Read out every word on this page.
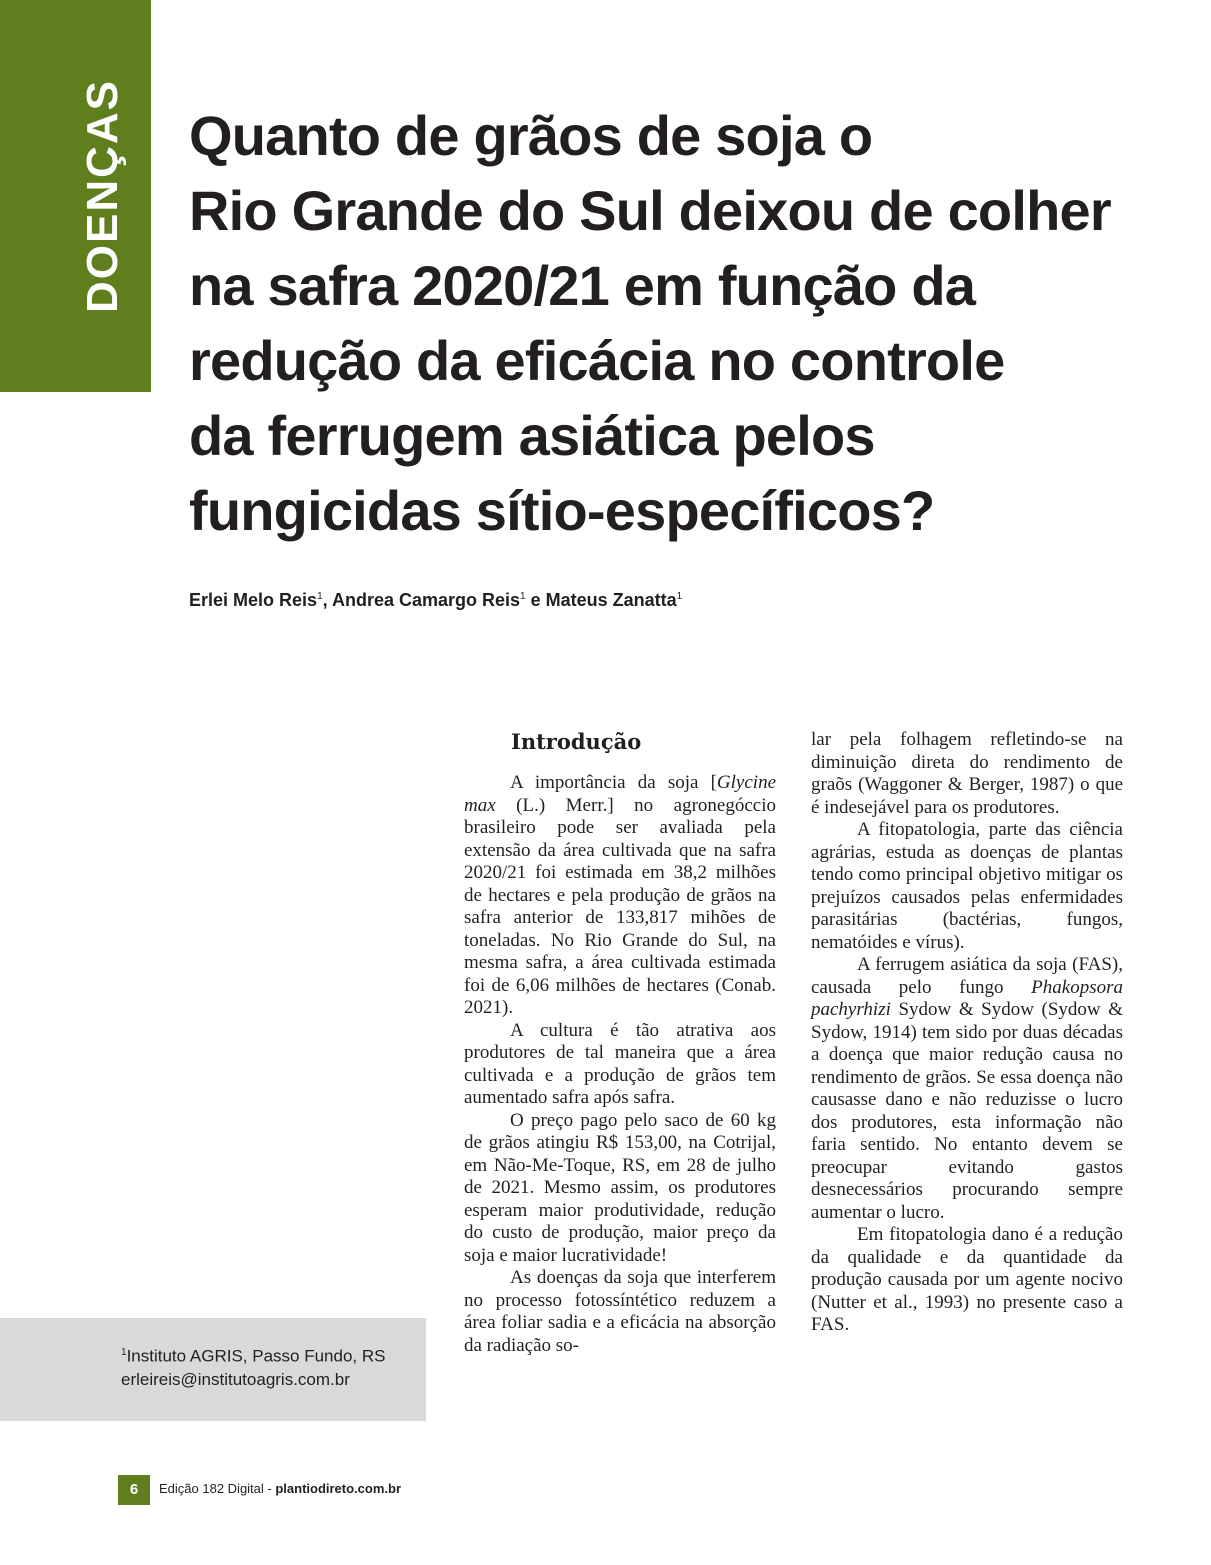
DOENÇAS Quanto de grãos de soja o
Rio Grande do Sul deixou de colher
na safra 2020/21 em função da
redução da eficácia no controle
da ferrugem asiática pelos
fungicidas sítio-específicos?
Erlei Melo Reis$^1$, Andrea Camargo Reis$^1$ e Mateus Zanatta$^1$
Introdução

A importância da soja [Glycine max (L.) Merr.] no agronegóccio brasileiro pode ser avaliada pela extensão da área cultivada que na safra 2020/21 foi estimada em 38,2 milhões de hectares e pela produção de grãos na safra anterior de 133,817 mihões de toneladas. No Rio Grande do Sul, na mesma safra, a área cultivada estimada foi de 6,06 milhões de hectares (Conab. 2021).

A cultura é tão atrativa aos produtores de tal maneira que a área cultivada e a produção de grãos tem aumentado safra após safra.

O preço pago pelo saco de 60 kg de grãos atingiu R$ 153,00, na Cotrijal, em Não-Me-Toque, RS, em 28 de julho de 2021. Mesmo assim, os produtores esperam maior produtividade, redução do custo de produção, maior preço da soja e maior lucratividade!

As doenças da soja que interferem no processo fotossíntético reduzem a área foliar sadia e a eficácia na absorção da radiação so-

lar pela folhagem refletindo-se na diminuição direta do rendimento de graõs (Waggoner & Berger, 1987) o que é indesejável para os produtores.

A fitopatologia, parte das ciência agrárias, estuda as doenças de plantas tendo como principal objetivo mitigar os prejuízos causados pelas enfermidades parasitárias (bactérias, fungos, nematóides e vírus).

A ferrugem asiática da soja (FAS), causada pelo fungo Phakopsora pachyrhizi Sydow & Sydow (Sydow & Sydow, 1914) tem sido por duas décadas a doença que maior redução causa no rendimento de grãos. Se essa doença não causasse dano e não reduzisse o lucro dos produtores, esta informação não faria sentido. No entanto devem se preocupar evitando gastos desnecessários procurando sempre aumentar o lucro.

Em fitopatologia dano é a redução da qualidade e da quantidade da produção causada por um agente nocivo (Nutter et al., 1993) no presente caso a FAS.

$^1$Instituto AGRIS, Passo Fundo, RS
erleireis@institutoagris.com.br
6	Edição 182 Digital - plantiodireto.com.br
